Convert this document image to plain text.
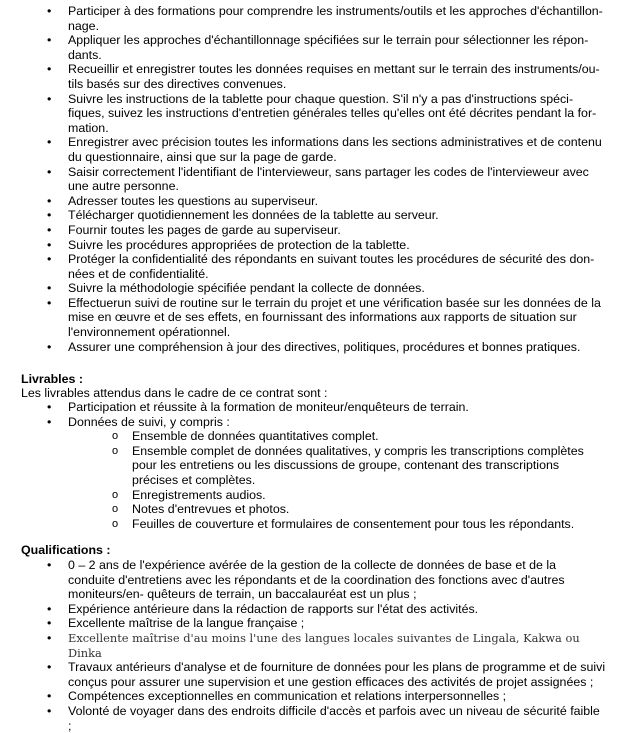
• Participer à des formations pour comprendre les instruments/outils et les approches d'échantillon- nage.
• Appliquer les approches d'échantillonnage spécifiées sur le terrain pour sélectionner les répon- dants.
• Recueillir et enregistrer toutes les données requises en mettant sur le terrain des instruments/ou- tils basés sur des directives convenues.
• Suivre les instructions de la tablette pour chaque question. S'il n'y a pas d'instructions spéci- fiques, suivez les instructions d'entretien générales telles qu'elles ont été décrites pendant la for- mation.
• Enregistrer avec précision toutes les informations dans les sections administratives et de contenu du questionnaire, ainsi que sur la page de garde.
• Saisir correctement l'identifiant de l'intervieweur, sans partager les codes de l'intervieweur avec une autre personne.
• Adresser toutes les questions au superviseur.
• Télécharger quotidiennement les données de la tablette au serveur.
• Fournir toutes les pages de garde au superviseur.
• Suivre les procédures appropriées de protection de la tablette.
• Protéger la confidentialité des répondants en suivant toutes les procédures de sécurité des don- nées et de confidentialité.
• Suivre la méthodologie spécifiée pendant la collecte de données.
• Effectuerun suivi de routine sur le terrain du projet et une vérification basée sur les données de la mise en œuvre et de ses effets, en fournissant des informations aux rapports de situation sur l'environnement opérationnel.
• Assurer une compréhension à jour des directives, politiques, procédures et bonnes pratiques.
Livrables :
Les livrables attendus dans le cadre de ce contrat sont :
• Participation et réussite à la formation de moniteur/enquêteurs de terrain.
• Données de suivi, y compris :
o Ensemble de données quantitatives complet.
o Ensemble complet de données qualitatives, y compris les transcriptions complètes pour les entretiens ou les discussions de groupe, contenant des transcriptions précises et complètes.
o Enregistrements audios.
o Notes d'entrevues et photos.
o Feuilles de couverture et formulaires de consentement pour tous les répondants.
Qualifications :
• 0 – 2 ans de l'expérience avérée de la gestion de la collecte de données de base et de la conduite d'entretiens avec les répondants et de la coordination des fonctions avec d'autres moniteurs/en- quêteurs de terrain, un baccalauréat est un plus ;
• Expérience antérieure dans la rédaction de rapports sur l'état des activités.
• Excellente maîtrise de la langue française ;
• Excellente maîtrise d'au moins l'une des langues locales suivantes de Lingala, Kakwa ou Dinka
• Travaux antérieurs d'analyse et de fourniture de données pour les plans de programme et de suivi conçus pour assurer une supervision et une gestion efficaces des activités de projet assignées ;
• Compétences exceptionnelles en communication et relations interpersonnelles ;
• Volonté de voyager dans des endroits difficile d'accès et parfois avec un niveau de sécurité faible ;
